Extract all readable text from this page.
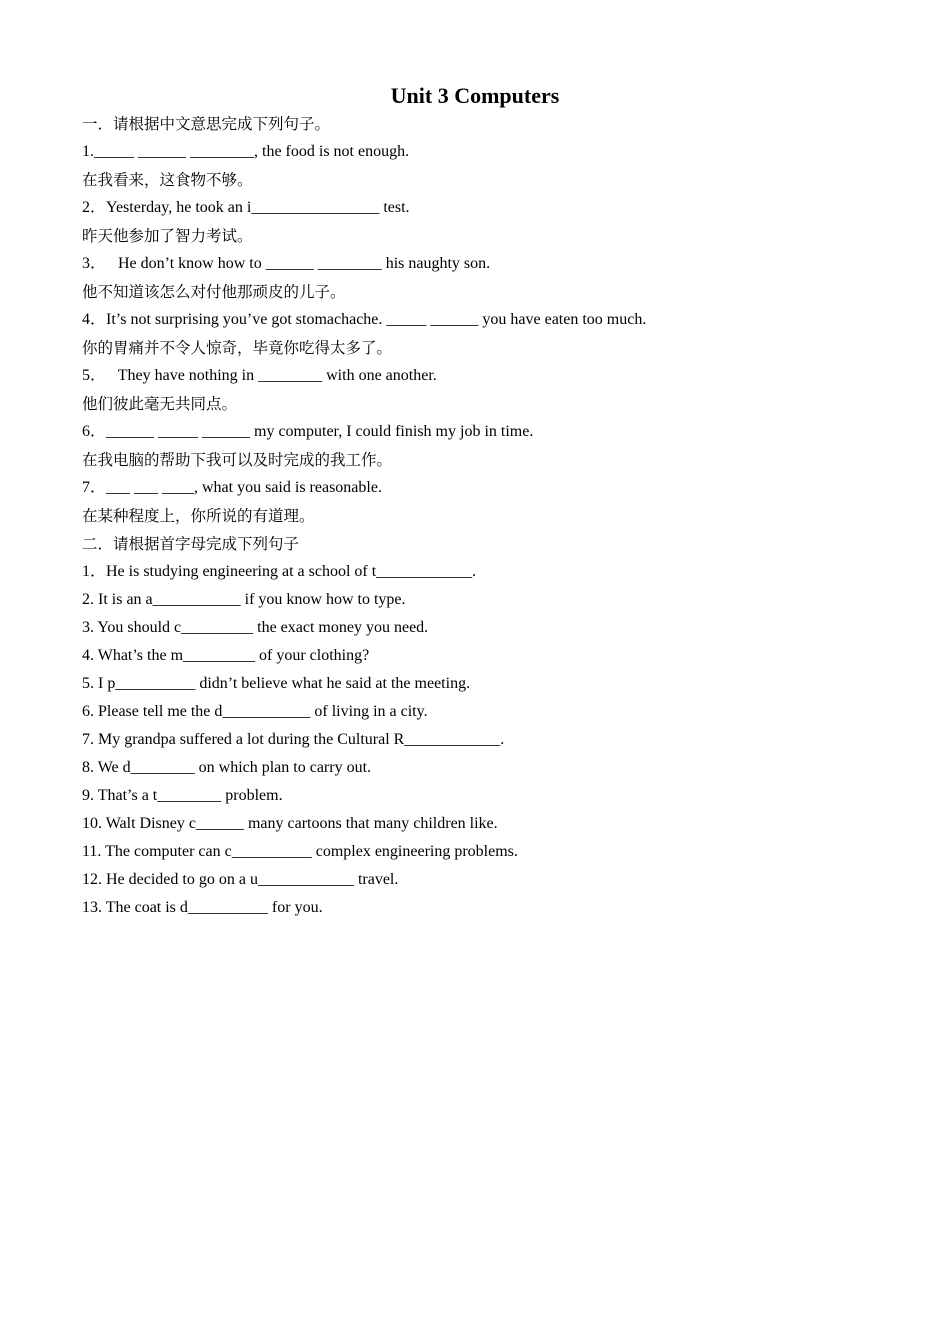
Unit 3 Computers

一．请根据中文意思完成下列句子。

1._____ ______ ________, the food is not enough.

在我看来，这食物不够。

2．Yesterday, he took an i________________ test.

昨天他参加了智力考试。

3．   He don’t know how to ______ ________ his naughty son.

他不知道该怎么对付他那顽皮的儿子。

4．It’s not surprising you’ve got stomachache. _____ ______ you have eaten too much.

你的胃痛并不令人惊奇，毕竟你吃得太多了。

5．   They have nothing in ________ with one another.

他们彼此毫无共同点。

6．______ _____ ______ my computer, I could finish my job in time.

在我电脑的帮助下我可以及时完成的我工作。

7．___ ___ ____, what you said is reasonable.

在某种程度上，你所说的有道理。

二．请根据首字母完成下列句子

1．He is studying engineering at a school of t____________.

2. It is an a___________ if you know how to type.

3. You should c_________ the exact money you need.

4. What’s the m_________ of your clothing?

5. I p__________ didn’t believe what he said at the meeting.

6. Please tell me the d___________ of living in a city.

7. My grandpa suffered a lot during the Cultural R____________.

8. We d________ on which plan to carry out.

9. That’s a t________ problem.

10. Walt Disney c______ many cartoons that many children like.

11. The computer can c__________ complex engineering problems.

12. He decided to go on a u____________ travel.

13. The coat is d__________ for you.
